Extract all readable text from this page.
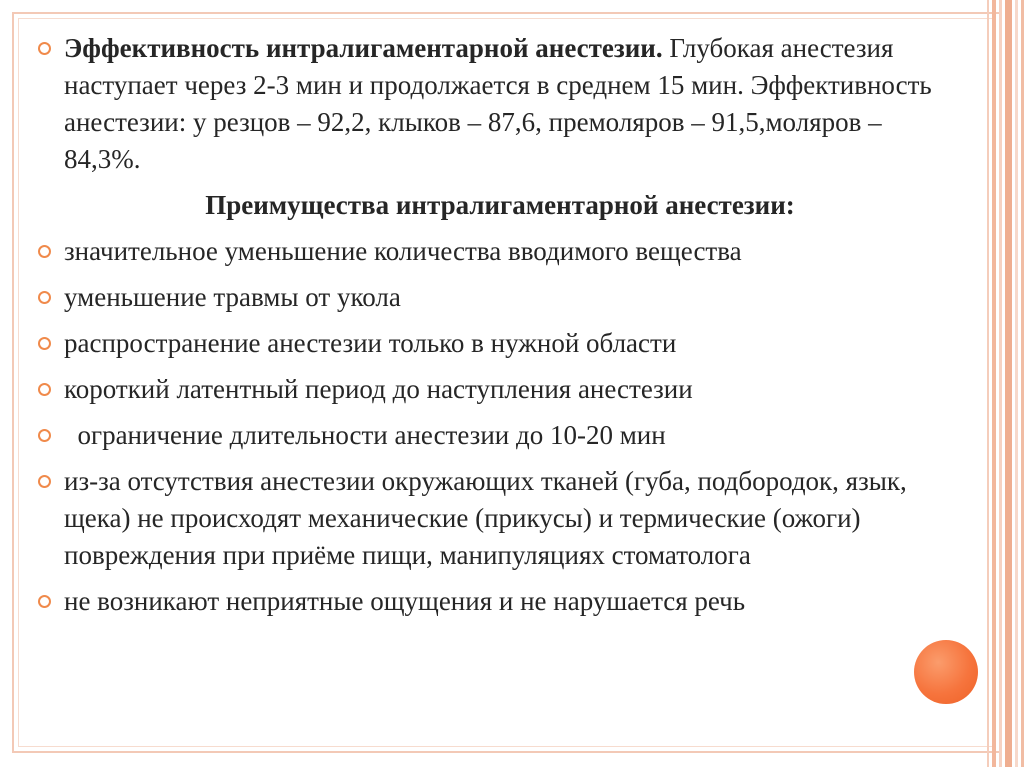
Эффективность интралигаментарной анестезии. Глубокая анестезия наступает через 2-3 мин и продолжается в среднем 15 мин. Эффективность анестезии: у резцов – 92,2, клыков – 87,6, премоляров – 91,5,моляров – 84,3%.
Преимущества интралигаментарной анестезии:
значительное уменьшение количества вводимого вещества
уменьшение травмы от укола
распространение анестезии только в нужной области
короткий латентный период до наступления анестезии

ограничение длительности анестезии до 10-20 мин
из-за отсутствия анестезии окружающих тканей (губа, подбородок, язык, щека) не происходят механические (прикусы) и термические (ожоги) повреждения при приёме пищи, манипуляциях стоматолога
не возникают неприятные ощущения и не нарушается речь
